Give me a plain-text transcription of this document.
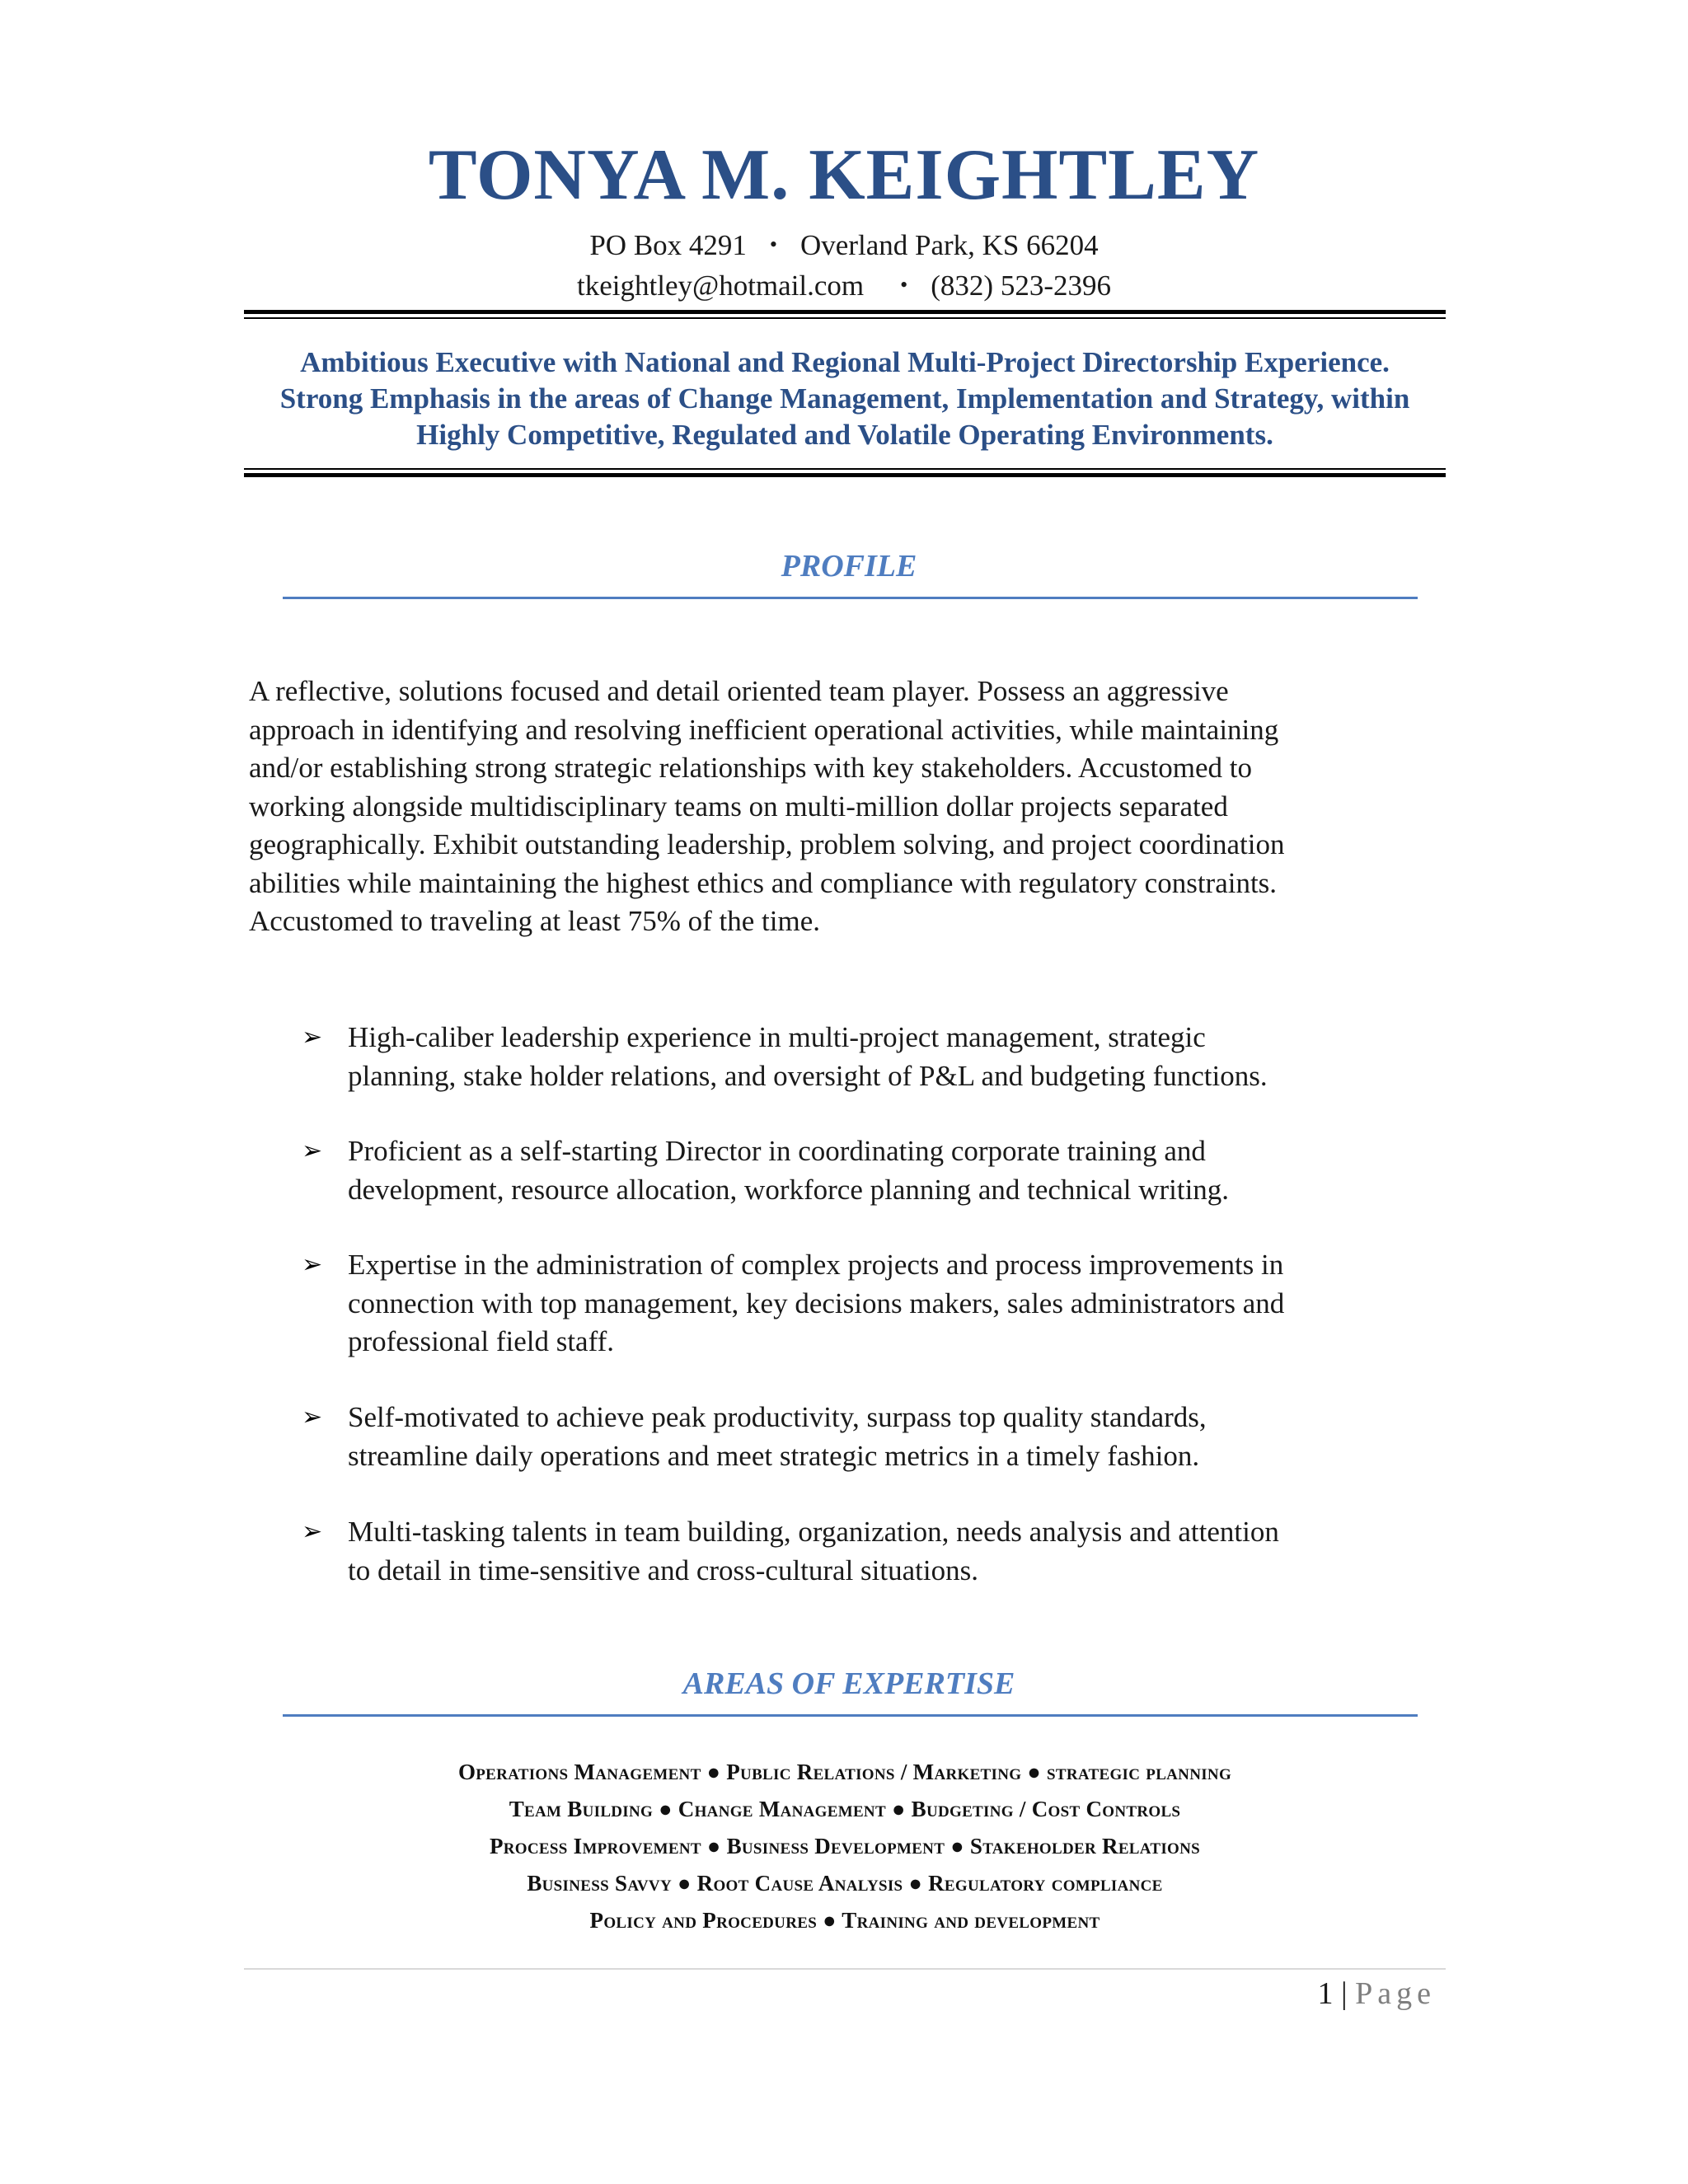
TONYA M. KEIGHTLEY
PO Box 4291 • Overland Park, KS 66204
tkeightley@hotmail.com • (832) 523-2396
Ambitious Executive with National and Regional Multi-Project Directorship Experience.
Strong Emphasis in the areas of Change Management, Implementation and Strategy, within
Highly Competitive, Regulated and Volatile Operating Environments.
PROFILE
A reflective, solutions focused and detail oriented team player. Possess an aggressive
approach in identifying and resolving inefficient operational activities, while maintaining
and/or establishing strong strategic relationships with key stakeholders. Accustomed to
working alongside multidisciplinary teams on multi-million dollar projects separated
geographically. Exhibit outstanding leadership, problem solving, and project coordination
abilities while maintaining the highest ethics and compliance with regulatory constraints.
Accustomed to traveling at least 75% of the time.
➢ High-caliber leadership experience in multi-project management, strategic
planning, stake holder relations, and oversight of P&L and budgeting functions.
➢ Proficient as a self-starting Director in coordinating corporate training and
development, resource allocation, workforce planning and technical writing.
➢ Expertise in the administration of complex projects and process improvements in
connection with top management, key decisions makers, sales administrators and
professional field staff.
➢ Self-motivated to achieve peak productivity, surpass top quality standards,
streamline daily operations and meet strategic metrics in a timely fashion.
➢ Multi-tasking talents in team building, organization, needs analysis and attention
to detail in time-sensitive and cross-cultural situations.
AREAS OF EXPERTISE
Operations Management ● Public Relations / Marketing ● strategic planning
Team Building ● Change Management ● Budgeting / Cost Controls
Process Improvement ● Business Development ● Stakeholder Relations
Business Savvy ● Root Cause Analysis ● Regulatory compliance
Policy and Procedures ● Training and development
1 | Page
